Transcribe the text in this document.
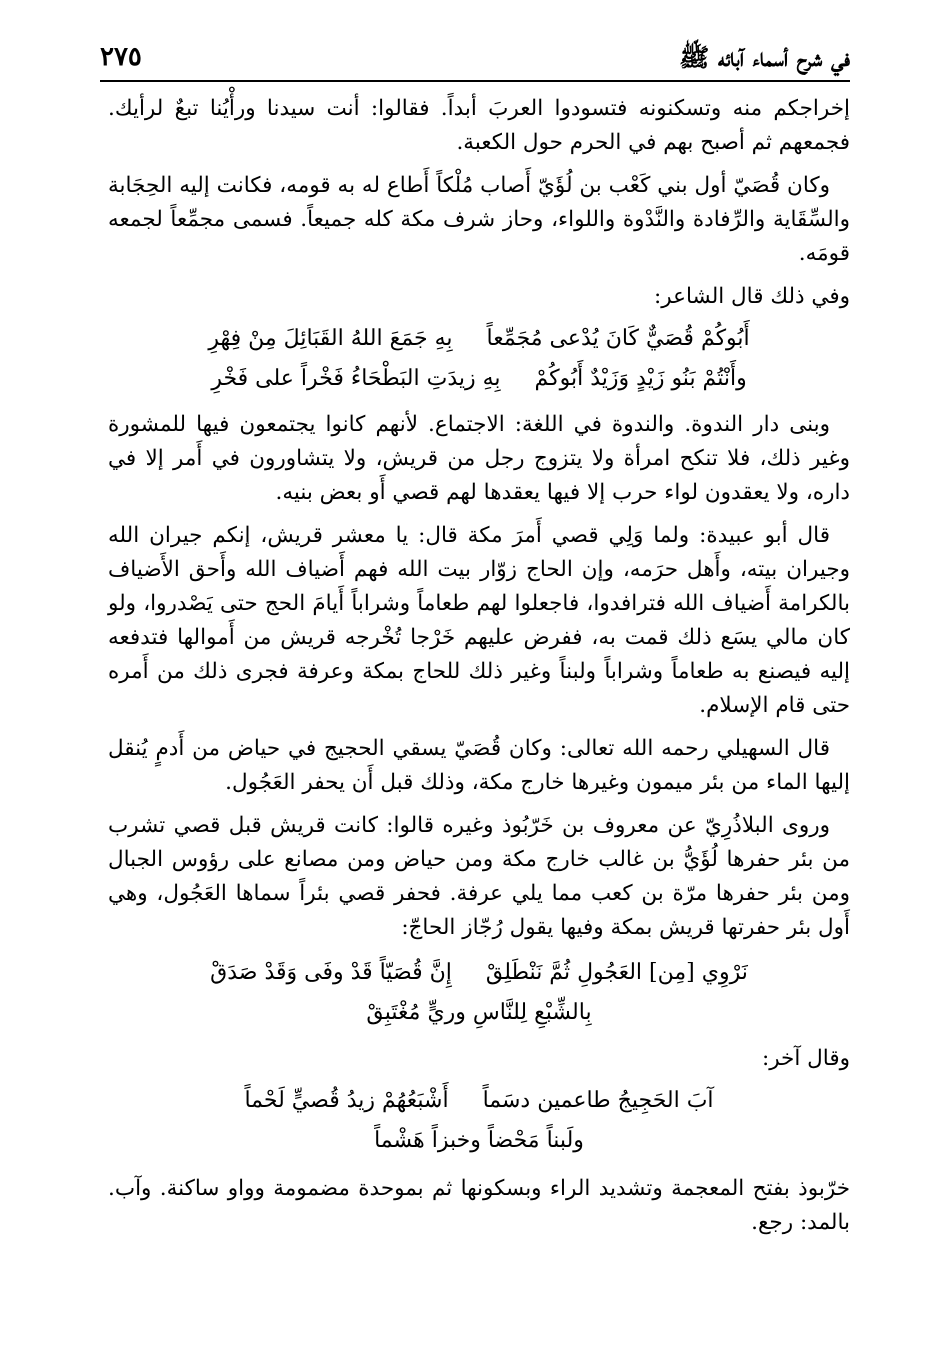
في شرح أسماء آبائه ﷺ
٢٧٥

إخراجكم منه وتسكنونه فتسودوا العربَ أبداً. فقالوا: أنت سيدنا ورأْيُنا تبعٌ لرأيك. فجمعهم ثم أصبح بهم في الحرم حول الكعبة.

وكان قُصَيّ أول بني كَعْب بن لُؤَيّ أَصاب مُلْكاً أَطاع له به قومه، فكانت إليه الحِجَابة والسِّقَاية والرِّفادة والنَّدْوة واللواء، وحاز شرف مكة كله جميعاً. فسمى مجمِّعاً لجمعه قومَه.

وفي ذلك قال الشاعر:

أَبُوكُمْ قُصَيٌّ كَانَ يُدْعى مُجَمِّعاً
بِهِ جَمَعَ اللهُ القَبَائِلَ مِنْ فِهْرِ
وأَنْتُمْ بَنُو زَيْدٍ وَزَيْدٌ أَبُوكُمْ
بِهِ زيدَتِ البَطْحَاءُ فَخْراً على فَخْرِ

وبنى دار الندوة. والندوة في اللغة: الاجتماع. لأنهم كانوا يجتمعون فيها للمشورة وغير ذلك، فلا تنكح امرأة ولا يتزوج رجل من قريش، ولا يتشاورون في أَمر إلا في داره، ولا يعقدون لواء حرب إلا فيها يعقدها لهم قصي أَو بعض بنيه.

قال أبو عبيدة: ولما وَلِي قصي أَمرَ مكة قال: يا معشر قريش، إنكم جيران الله وجيران بيته، وأَهل حرَمه، وإن الحاج زوّار بيت الله فهم أَضياف الله وأَحق الأَضياف بالكرامة أَضياف الله فترافدوا، فاجعلوا لهم طعاماً وشراباً أَيامَ الحج حتى يَصْدروا، ولو كان مالي يسَع ذلك قمت به، ففرض عليهم خَرْجا تُخْرجه قريش من أَموالها فتدفعه إليه فيصنع به طعاماً وشراباً ولبناً وغير ذلك للحاج بمكة وعرفة فجرى ذلك من أَمره حتى قام الإسلام.

قال السهيلي رحمه الله تعالى: وكان قُصَيّ يسقي الحجيج في حياض من أَدمٍ يُنقل إليها الماء من بئر ميمون وغيرها خارج مكة، وذلك قبل أَن يحفر العَجُول.

وروى البلاذُرِيّ عن معروف بن خَرّبُوذ وغيره قالوا: كانت قريش قبل قصي تشرب من بئر حفرها لُؤَيُّ بن غالب خارج مكة ومن حياض ومن مصانع على رؤوس الجبال ومن بئر حفرها مرّة بن كعب مما يلي عرفة. فحفر قصي بئراً سماها العَجُول، وهي أَول بئر حفرتها قريش بمكة وفيها يقول رُجّاز الحاجّ:

نَرْوِي [مِن] العَجُولِ ثُمَّ نَنْطَلِقْ
إِنَّ قُصَيّاً قَدْ وفَى وَقَدْ صَدَقْ
بِالشِّبْعِ لِلنَّاسِ وريٍّ مُغْتَبِقْ

وقال آخر:

آبَ الحَجِيجُ طاعمين دسَماً
أَشْبَعُهُمْ زيدُ قُصيٍّ لَحْماً
ولَبناً مَحْضاً وخبزاً هَشْماً

خرّبوذ بفتح المعجمة وتشديد الراء وبسكونها ثم بموحدة مضمومة وواو ساكنة. وآب. بالمد: رجع.
